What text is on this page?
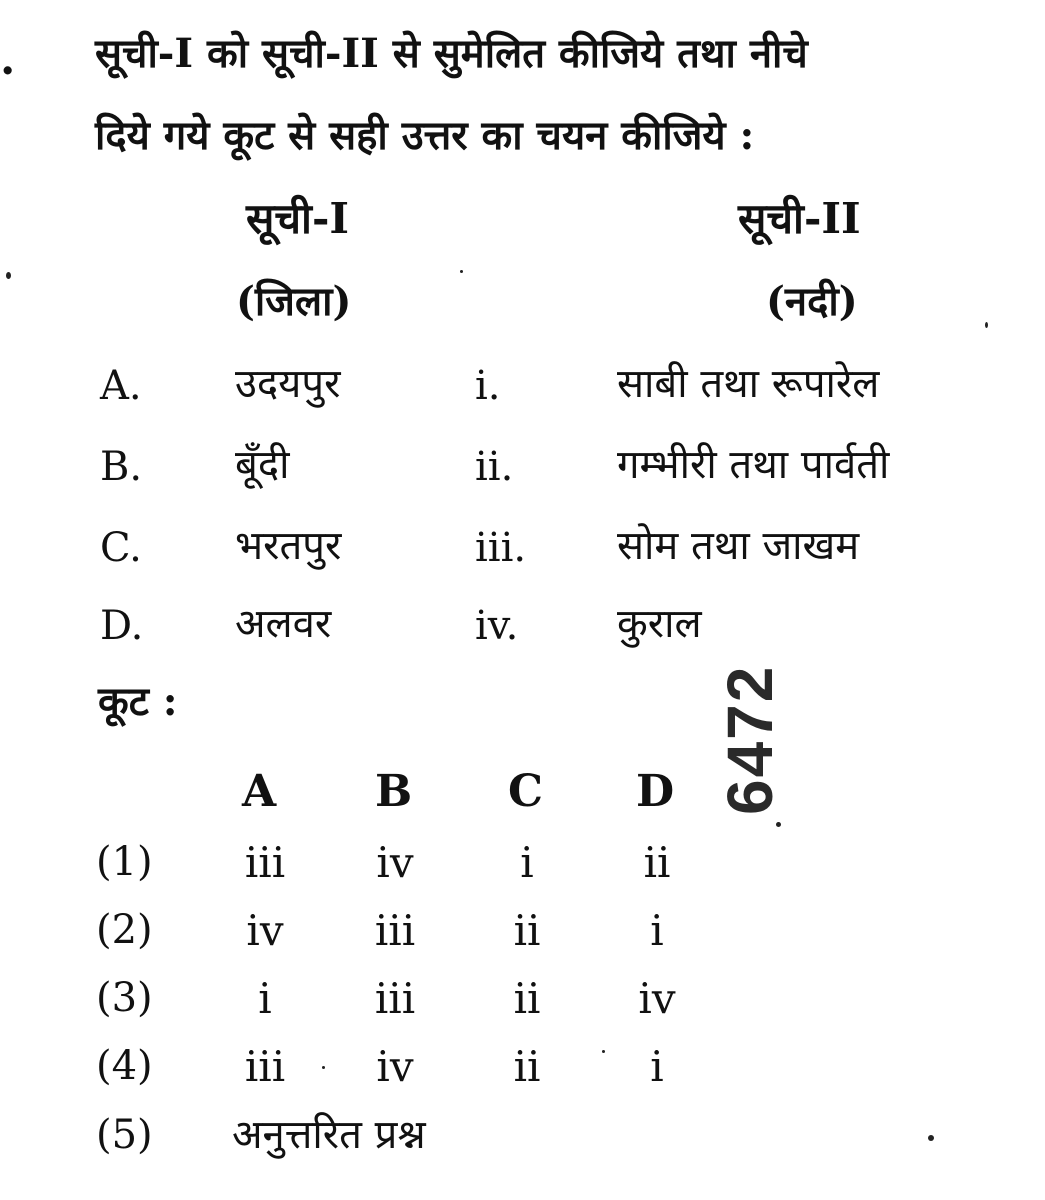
. सूची-I को सूची-II से सुमेलित कीजिये तथा नीचे
दिये गये कूट से सही उत्तर का चयन कीजिये :
सूची-I
(जिला)
सूची-II
(नदी)
A. उदयपुर	i.	साबी तथा रूपारेल
B. बूँदी	ii.	गम्भीरी तथा पार्वती
C. भरतपुर	iii. सोम तथा जाखम
D. अलवर	iv. कुराल
कूट :
A B C D
(1)	iii	iv	i	ii
(2)	iv	iii	ii	i
(3)	i	iii	ii	iv
(4)	iii	iv	ii	i
(5) अनुत्तरित प्रश्न
6472
